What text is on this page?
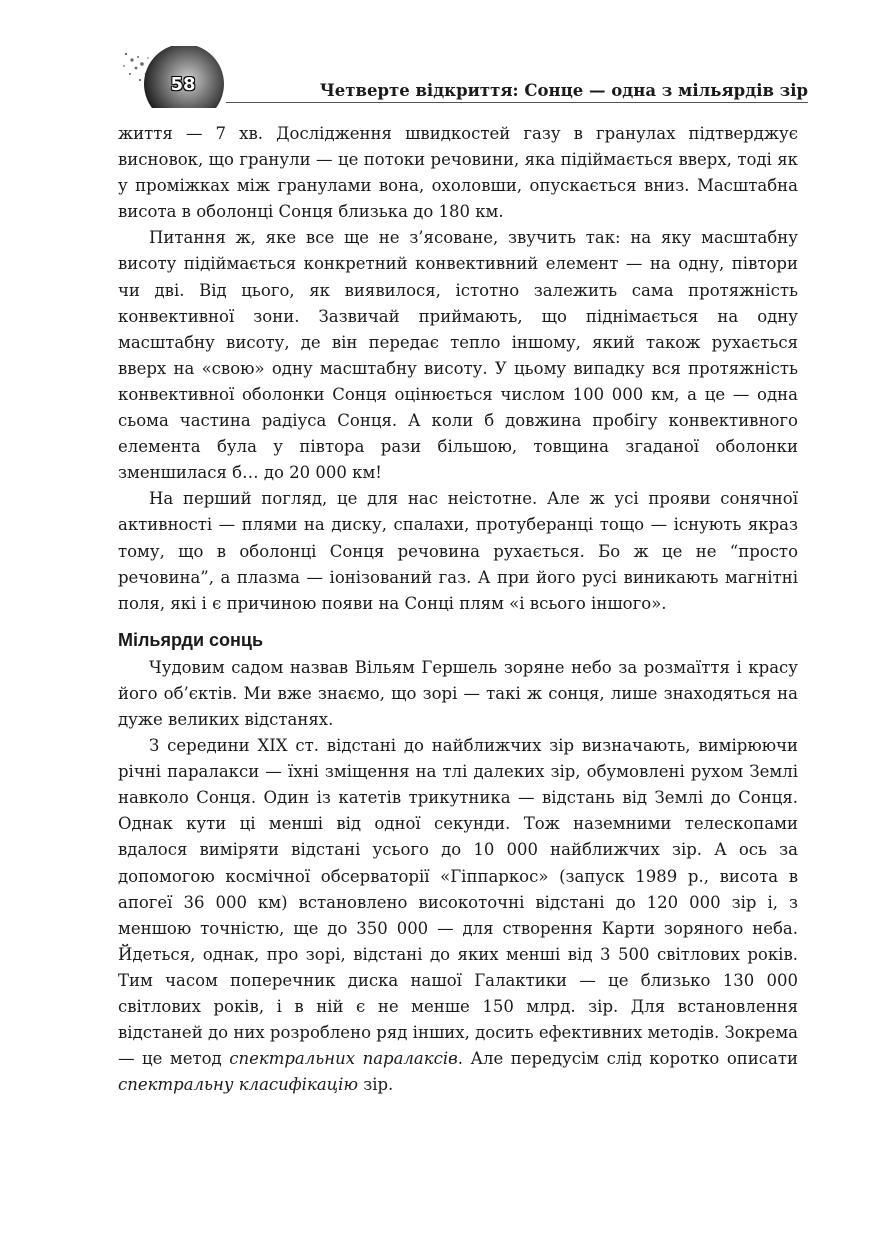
58	Четверте відкриття: Сонце — одна з мільярдів зір

життя — 7 хв. Дослідження швидкостей газу в гранулах підтверджує висновок, що гранули — це потоки речовини, яка підіймається вверх, тоді як у проміжках між гранулами вона, охоловши, опускається вниз. Масштабна висота в оболонці Сонця близька до 180 км.

Питання ж, яке все ще не з’ясоване, звучить так: на яку масштабну висоту підіймається конкретний конвективний елемент — на одну, півтори чи дві. Від цього, як виявилося, істотно залежить сама протяжність конвективної зони. Зазвичай приймають, що піднімається на одну масштабну висоту, де він передає тепло іншому, який також рухається вверх на «свою» одну масштабну висоту. У цьому випадку вся протяжність конвективної оболонки Сонця оцінюється числом 100 000 км, а це — одна сьома частина радіуса Сонця. А коли б довжина пробігу конвективного елемента була у півтора рази більшою, товщина згаданої оболонки зменшилася б… до 20 000 км!

На перший погляд, це для нас неістотне. Але ж усі прояви сонячної активності — плями на диску, спалахи, протуберанці тощо — існують якраз тому, що в оболонці Сонця речовина рухається. Бо ж це не “просто речовина”, а плазма — іонізований газ. А при його русі виникають магнітні поля, які і є причиною появи на Сонці плям «і всього іншого».

Мільярди сонць

Чудовим садом назвав Вільям Гершель зоряне небо за розмаїття і красу його об’єктів. Ми вже знаємо, що зорі — такі ж сонця, лише знаходяться на дуже великих відстанях.

З середини XIX ст. відстані до найближчих зір визначають, вимірюючи річні паралакси — їхні зміщення на тлі далеких зір, обумовлені рухом Землі навколо Сонця. Один із катетів трикутника — відстань від Землі до Сонця. Однак кути ці менші від одної секунди. Тож наземними телескопами вдалося виміряти відстані усього до 10 000 найближчих зір. А ось за допомогою космічної обсерваторії «Гіппаркос» (запуск 1989 р., висота в апогеї 36 000 км) встановлено високоточні відстані до 120 000 зір і, з меншою точністю, ще до 350 000 — для створення Карти зоряного неба. Йдеться, однак, про зорі, відстані до яких менші від 3 500 світлових років. Тим часом поперечник диска нашої Галактики — це близько 130 000 світлових років, і в ній є не менше 150 млрд. зір. Для встановлення відстаней до них розроблено ряд інших, досить ефективних методів. Зокрема — це метод спектральних паралаксів. Але передусім слід коротко описати спектральну класифікацію зір.
